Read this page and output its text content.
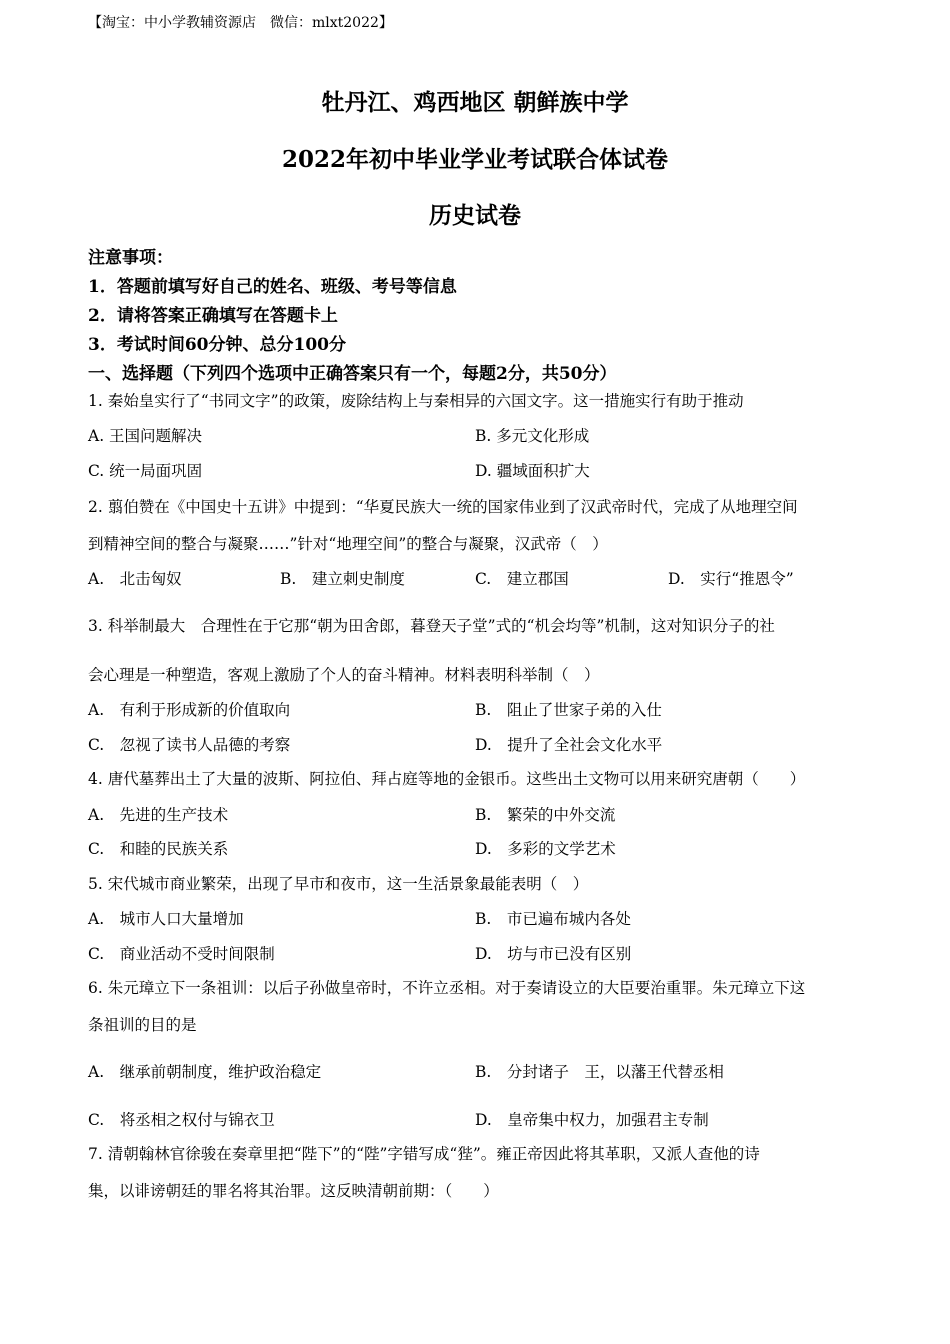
【淘宝：中小学教辅资源店　微信：mlxt2022】
牡丹江、鸡西地区 朝鲜族中学
2022年初中毕业学业考试联合体试卷
历史试卷
注意事项：
1．答题前填写好自己的姓名、班级、考号等信息
2．请将答案正确填写在答题卡上
3．考试时间60分钟、总分100分
一、选择题（下列四个选项中正确答案只有一个，每题2分，共50分）
1. 秦始皇实行了“书同文字”的政策，废除结构上与秦相异的六国文字。这一措施实行有助于推动
A. 王国问题解决	B. 多元文化形成
C. 统一局面巩固	D. 疆域面积扩大
2. 翦伯赞在《中国史十五讲》中提到：“华夏民族大一统的国家伟业到了汉武帝时代，完成了从地理空间
到精神空间的整合与凝聚……”针对“地理空间”的整合与凝聚，汉武帝（　）
A.　北击匈奴	B.　建立刺史制度	C.　建立郡国	D.　实行“推恩令”
3. 科举制最大　合理性在于它那“朝为田舍郎，暮登天子堂”式的“机会均等”机制，这对知识分子的社
会心理是一种塑造，客观上激励了个人的奋斗精神。材料表明科举制（　）
A.　有利于形成新的价值取向	B.　阻止了世家子弟的入仕
C.　忽视了读书人品德的考察	D.　提升了全社会文化水平
4. 唐代墓葬出土了大量的波斯、阿拉伯、拜占庭等地的金银币。这些出土文物可以用来研究唐朝（　　）
A.　先进的生产技术	B.　繁荣的中外交流
C.　和睦的民族关系	D.　多彩的文学艺术
5. 宋代城市商业繁荣，出现了早市和夜市，这一生活景象最能表明（　）
A.　城市人口大量增加	B.　市已遍布城内各处
C.　商业活动不受时间限制	D.　坊与市已没有区别
6. 朱元璋立下一条祖训：以后子孙做皇帝时，不许立丞相。对于奏请设立的大臣要治重罪。朱元璋立下这
条祖训的目的是
A.　继承前朝制度，维护政治稳定	B.　分封诸子　王，以藩王代替丞相
C.　将丞相之权付与锦衣卫	D.　皇帝集中权力，加强君主专制
7. 清朝翰林官徐骏在奏章里把“陛下”的“陛”字错写成“狴”。雍正帝因此将其革职，又派人查他的诗
集，以诽谤朝廷的罪名将其治罪。这反映清朝前期：（　　）
